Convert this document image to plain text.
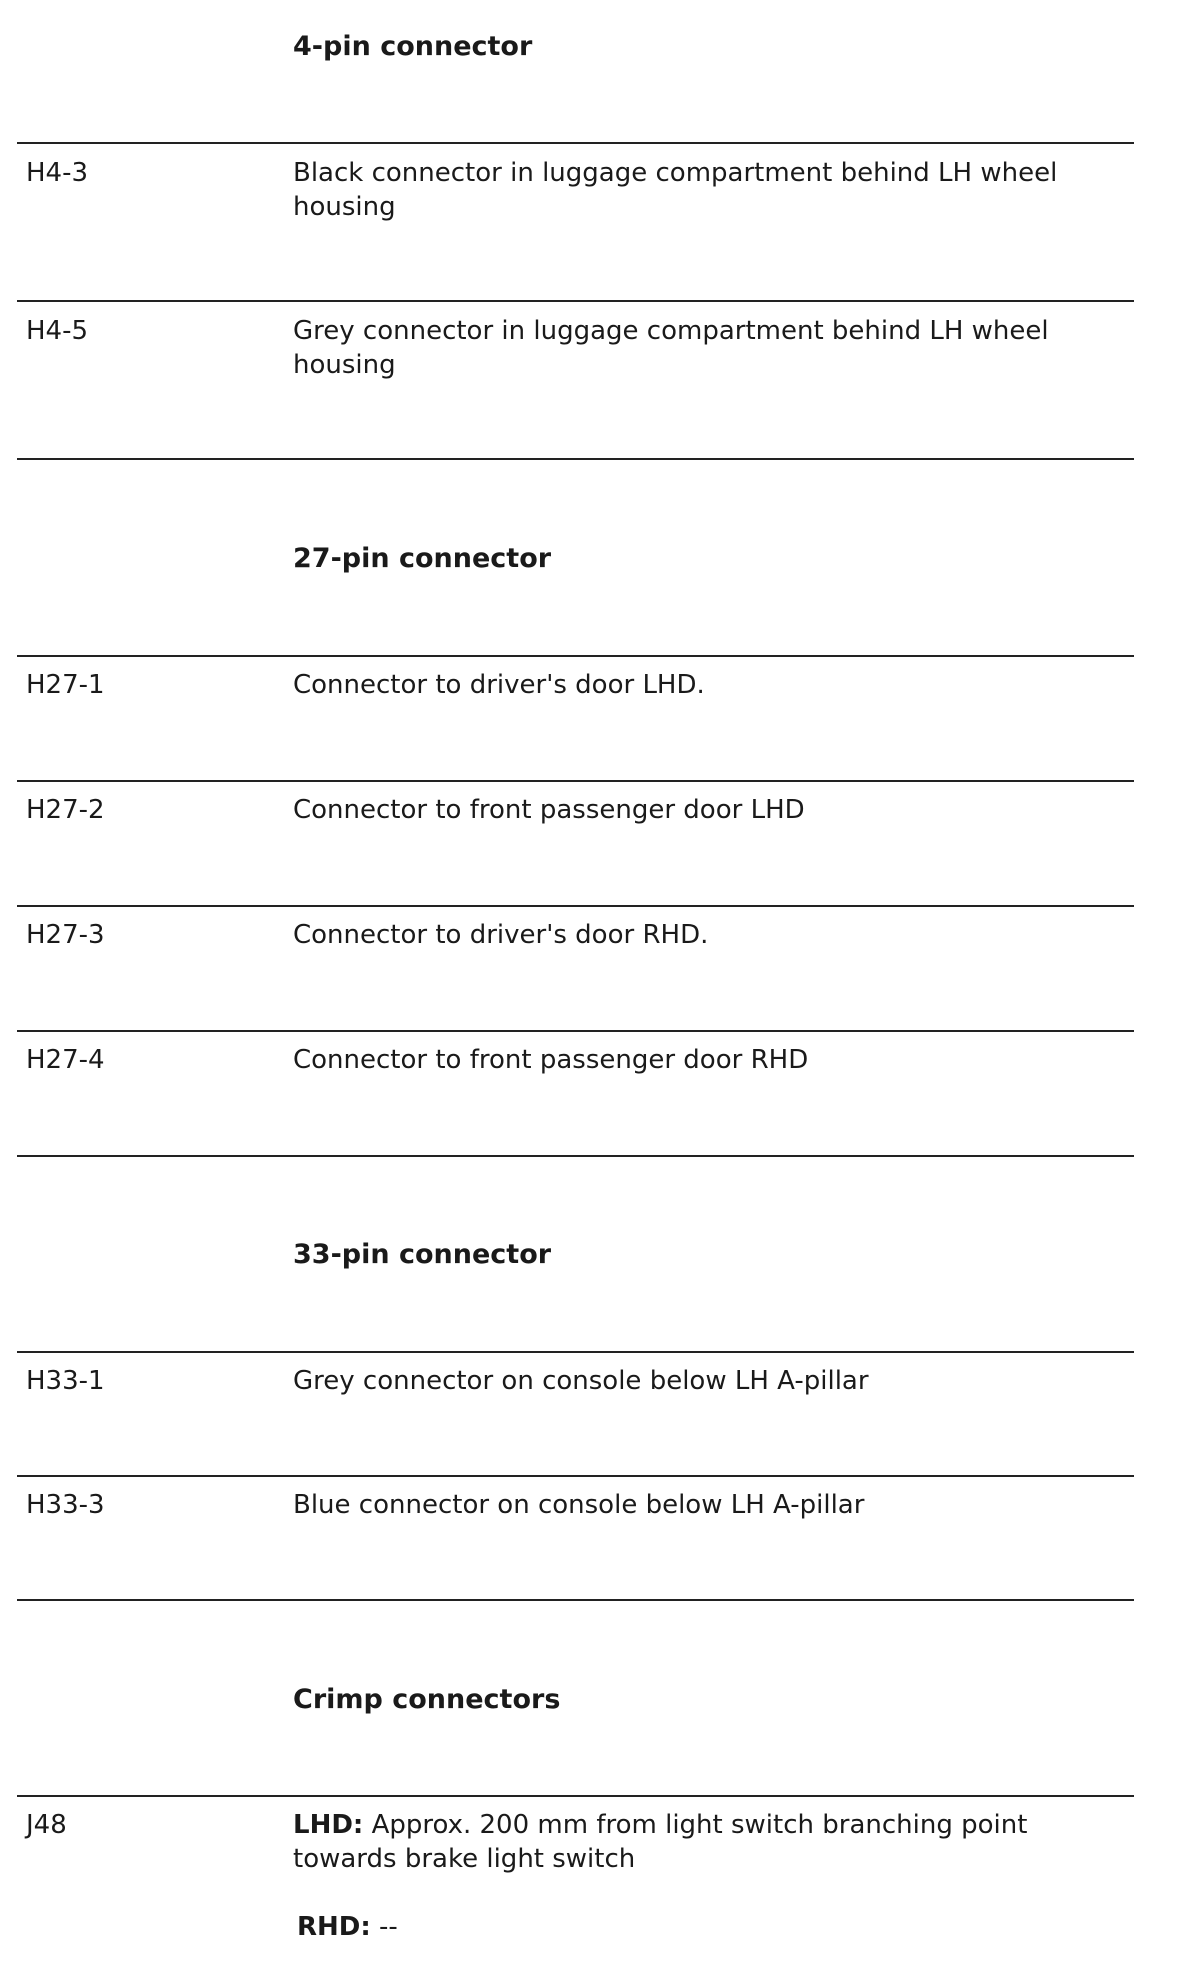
4-pin connector
H4-3	Black connector in luggage compartment behind LH wheel housing
H4-5	Grey connector in luggage compartment behind LH wheel housing
27-pin connector
H27-1	Connector to driver's door LHD.
H27-2	Connector to front passenger door LHD
H27-3	Connector to driver's door RHD.
H27-4	Connector to front passenger door RHD
33-pin connector
H33-1	Grey connector on console below LH A-pillar
H33-3	Blue connector on console below LH A-pillar
Crimp connectors
J48	LHD: Approx. 200 mm from light switch branching point towards brake light switch
RHD: --
